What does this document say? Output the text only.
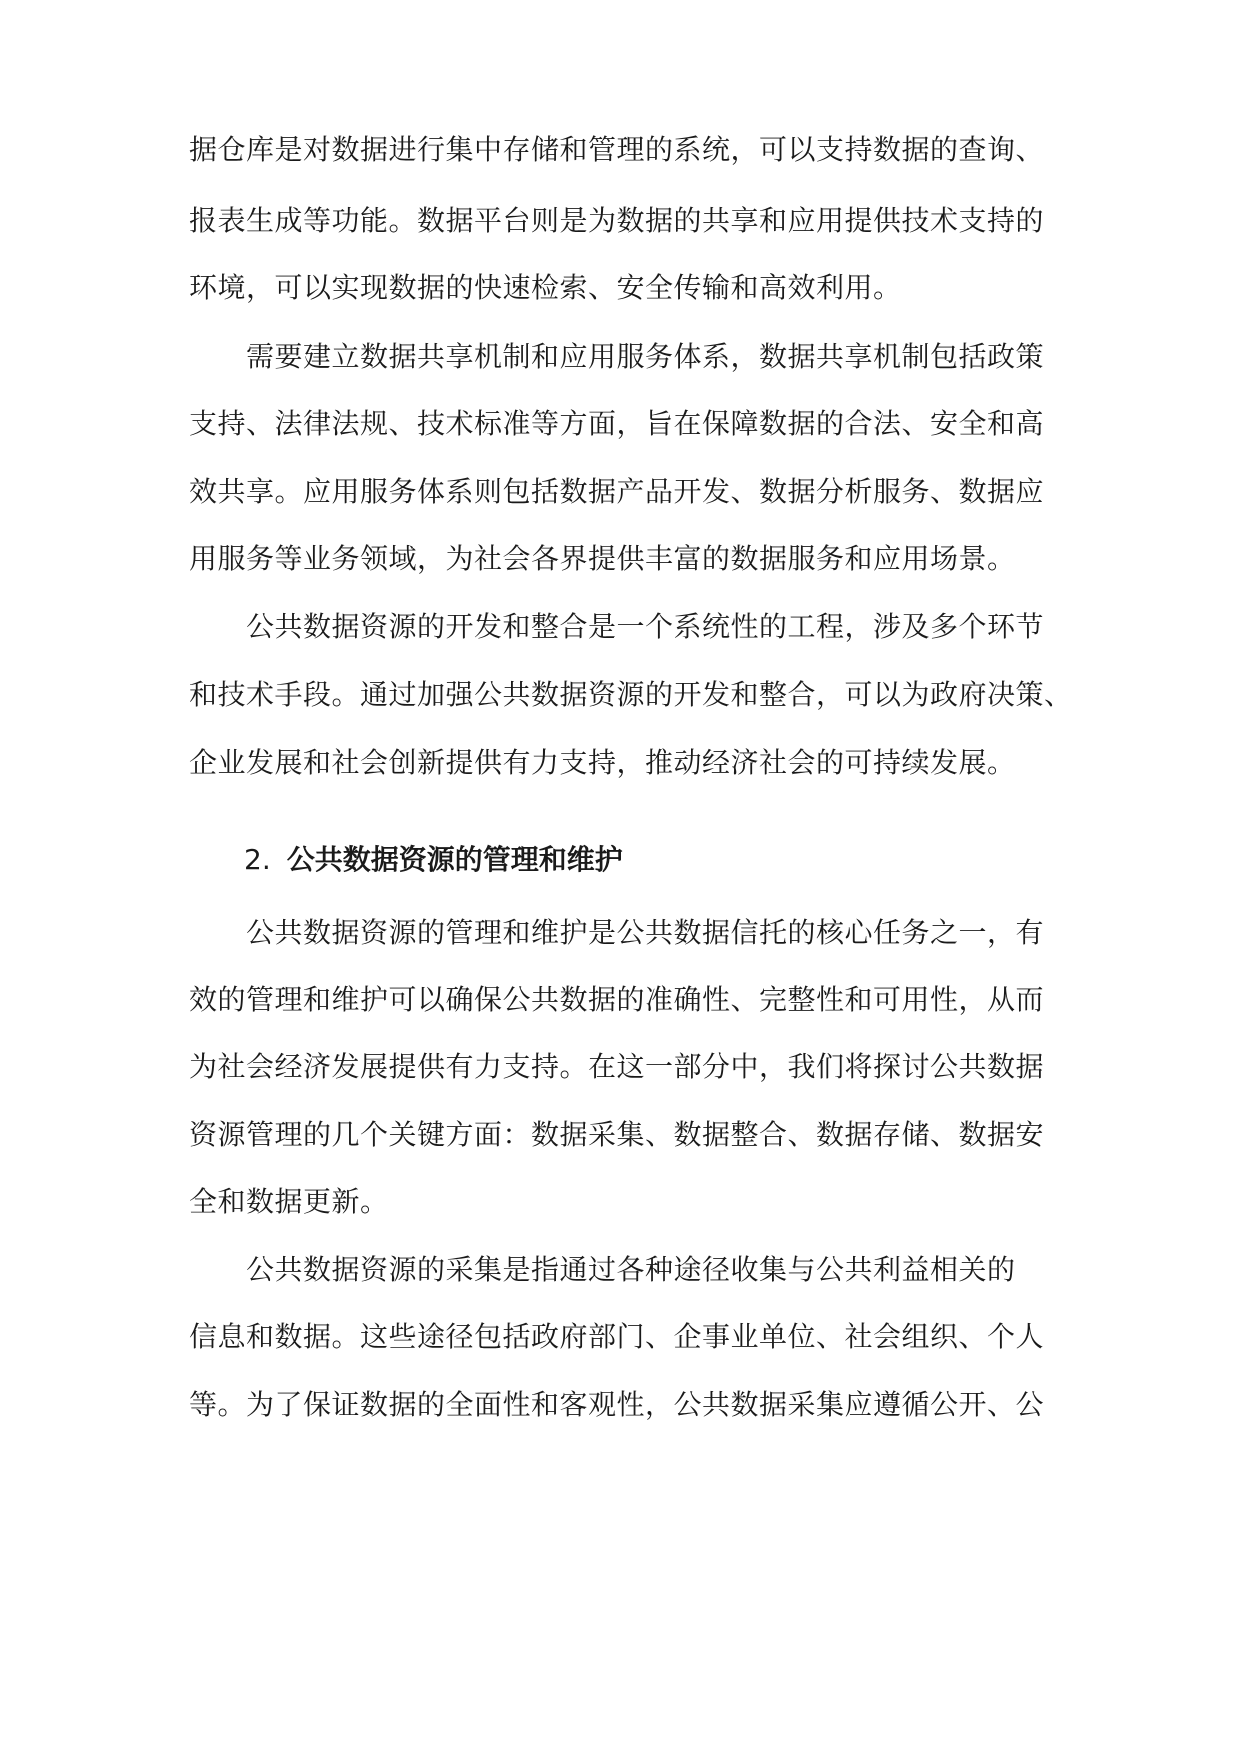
据仓库是对数据进行集中存储和管理的系统，可以支持数据的查询、
报表生成等功能。数据平台则是为数据的共享和应用提供技术支持的
环境，可以实现数据的快速检索、安全传输和高效利用。
需要建立数据共享机制和应用服务体系，数据共享机制包括政策
支持、法律法规、技术标准等方面，旨在保障数据的合法、安全和高
效共享。应用服务体系则包括数据产品开发、数据分析服务、数据应
用服务等业务领域，为社会各界提供丰富的数据服务和应用场景。
公共数据资源的开发和整合是一个系统性的工程，涉及多个环节
和技术手段。通过加强公共数据资源的开发和整合，可以为政府决策、
企业发展和社会创新提供有力支持，推动经济社会的可持续发展。
2. 公共数据资源的管理和维护
公共数据资源的管理和维护是公共数据信托的核心任务之一，有
效的管理和维护可以确保公共数据的准确性、完整性和可用性，从而
为社会经济发展提供有力支持。在这一部分中，我们将探讨公共数据
资源管理的几个关键方面：数据采集、数据整合、数据存储、数据安
全和数据更新。
公共数据资源的采集是指通过各种途径收集与公共利益相关的
信息和数据。这些途径包括政府部门、企事业单位、社会组织、个人
等。为了保证数据的全面性和客观性，公共数据采集应遵循公开、公
